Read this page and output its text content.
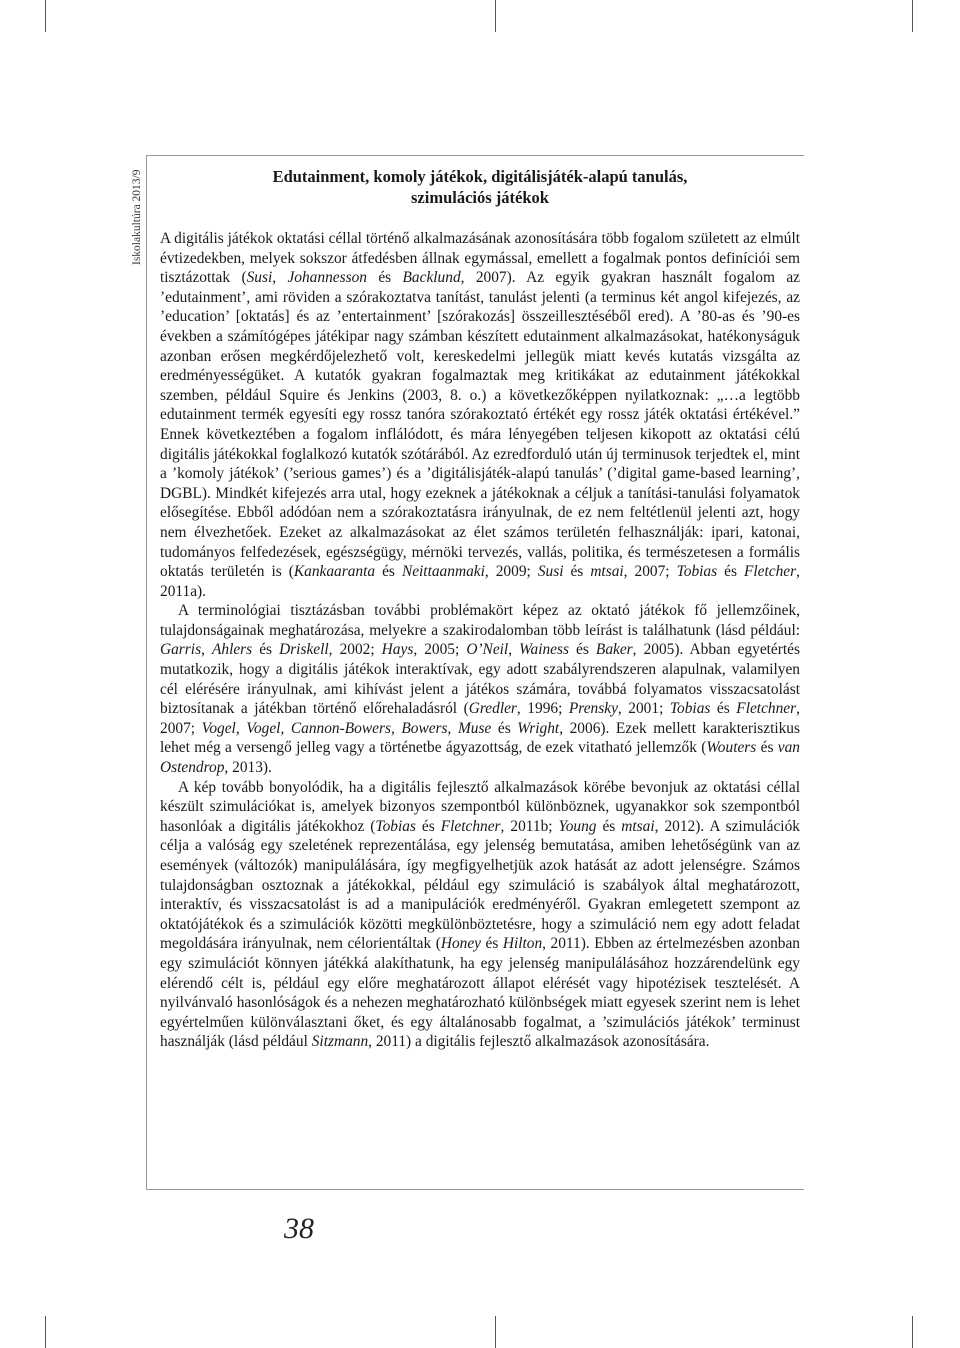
Iskolakultúra 2013/9	Edutainment, komoly játékok, digitálisjáték-alapú tanulás,
szimulációs játékok

A digitális játékok oktatási céllal történő alkalmazásának azonosítására több fogalom született az elmúlt évtizedekben, melyek sokszor átfedésben állnak egymással, emellett a fogalmak pontos definíciói sem tisztázottak (Susi, Johannesson és Backlund, 2007). Az egyik gyakran használt fogalom az ’edutainment’, ami röviden a szórakoztatva tanítást, tanulást jelenti (a terminus két angol kifejezés, az ’education’ [oktatás] és az ’entertainment’ [szórakozás] összeillesztéséből ered). A ’80-as és ’90-es években a számítógépes játékipar nagy számban készített edutainment alkalmazásokat, hatékonyságuk azonban erősen megkérdőjelezhető volt, kereskedelmi jellegük miatt kevés kutatás vizsgálta az eredményességüket. A kutatók gyakran fogalmaztak meg kritikákat az edutainment játékokkal szemben, például Squire és Jenkins (2003, 8. o.) a következőképpen nyilatkoznak: „…a legtöbb edutainment termék egyesíti egy rossz tanóra szórakoztató értékét egy rossz játék oktatási értékével.” Ennek következtében a fogalom inflálódott, és mára lényegében teljesen kikopott az oktatási célú digitális játékokkal foglalkozó kutatók szótárából. Az ezredforduló után új terminusok terjedtek el, mint a ’komoly játékok’ (’serious games’) és a ’digitálisjáték-alapú tanulás’ (’digital game-based learning’, DGBL). Mindkét kifejezés arra utal, hogy ezeknek a játékoknak a céljuk a tanítási-tanulási folyamatok elősegítése. Ebből adódóan nem a szórakoztatásra irányulnak, de ez nem feltétlenül jelenti azt, hogy nem élvezhetőek. Ezeket az alkalmazásokat az élet számos területén felhasználják: ipari, katonai, tudományos felfedezések, egészségügy, mérnöki tervezés, vallás, politika, és természetesen a formális oktatás területén is (Kankaaranta és Neittaanmaki, 2009; Susi és mtsai, 2007; Tobias és Fletcher, 2011a).

A terminológiai tisztázásban további problémakört képez az oktató játékok fő jellemzőinek, tulajdonságainak meghatározása, melyekre a szakirodalomban több leírást is találhatunk (lásd például: Garris, Ahlers és Driskell, 2002; Hays, 2005; O’Neil, Wainess és Baker, 2005). Abban egyetértés mutatkozik, hogy a digitális játékok interaktívak, egy adott szabályrendszeren alapulnak, valamilyen cél elérésére irányulnak, ami kihívást jelent a játékos számára, továbbá folyamatos visszacsatolást biztosítanak a játékban történő előrehaladásról (Gredler, 1996; Prensky, 2001; Tobias és Fletchner, 2007; Vogel, Vogel, Cannon-Bowers, Bowers, Muse és Wright, 2006). Ezek mellett karakterisztikus lehet még a versengő jelleg vagy a történetbe ágyazottság, de ezek vitatható jellemzők (Wouters és van Ostendrop, 2013).

A kép tovább bonyolódik, ha a digitális fejlesztő alkalmazások körébe bevonjuk az oktatási céllal készült szimulációkat is, amelyek bizonyos szempontból különböznek, ugyanakkor sok szempontból hasonlóak a digitális játékokhoz (Tobias és Fletchner, 2011b; Young és mtsai, 2012). A szimulációk célja a valóság egy szeletének reprezentálása, egy jelenség bemutatása, amiben lehetőségünk van az események (változók) manipulálására, így megfigyelhetjük azok hatását az adott jelenségre. Számos tulajdonságban osztoznak a játékokkal, például egy szimuláció is szabályok által meghatározott, interaktív, és visszacsatolást is ad a manipulációk eredményéről. Gyakran emlegetett szempont az oktatójátékok és a szimulációk közötti megkülönböztetésre, hogy a szimuláció nem egy adott feladat megoldására irányulnak, nem célorientáltak (Honey és Hilton, 2011). Ebben az értelmezésben azonban egy szimulációt könnyen játékká alakíthatunk, ha egy jelenség manipulálásához hozzárendelünk egy elérendő célt is, például egy előre meghatározott állapot elérését vagy hipotézisek tesztelését. A nyilvánvaló hasonlóságok és a nehezen meghatározható különbségek miatt egyesek szerint nem is lehet egyértelműen különválasztani őket, és egy általánosabb fogalmat, a ’szimulációs játékok’ terminust használják (lásd például Sitzmann, 2011) a digitális fejlesztő alkalmazások azonosítására.

38
